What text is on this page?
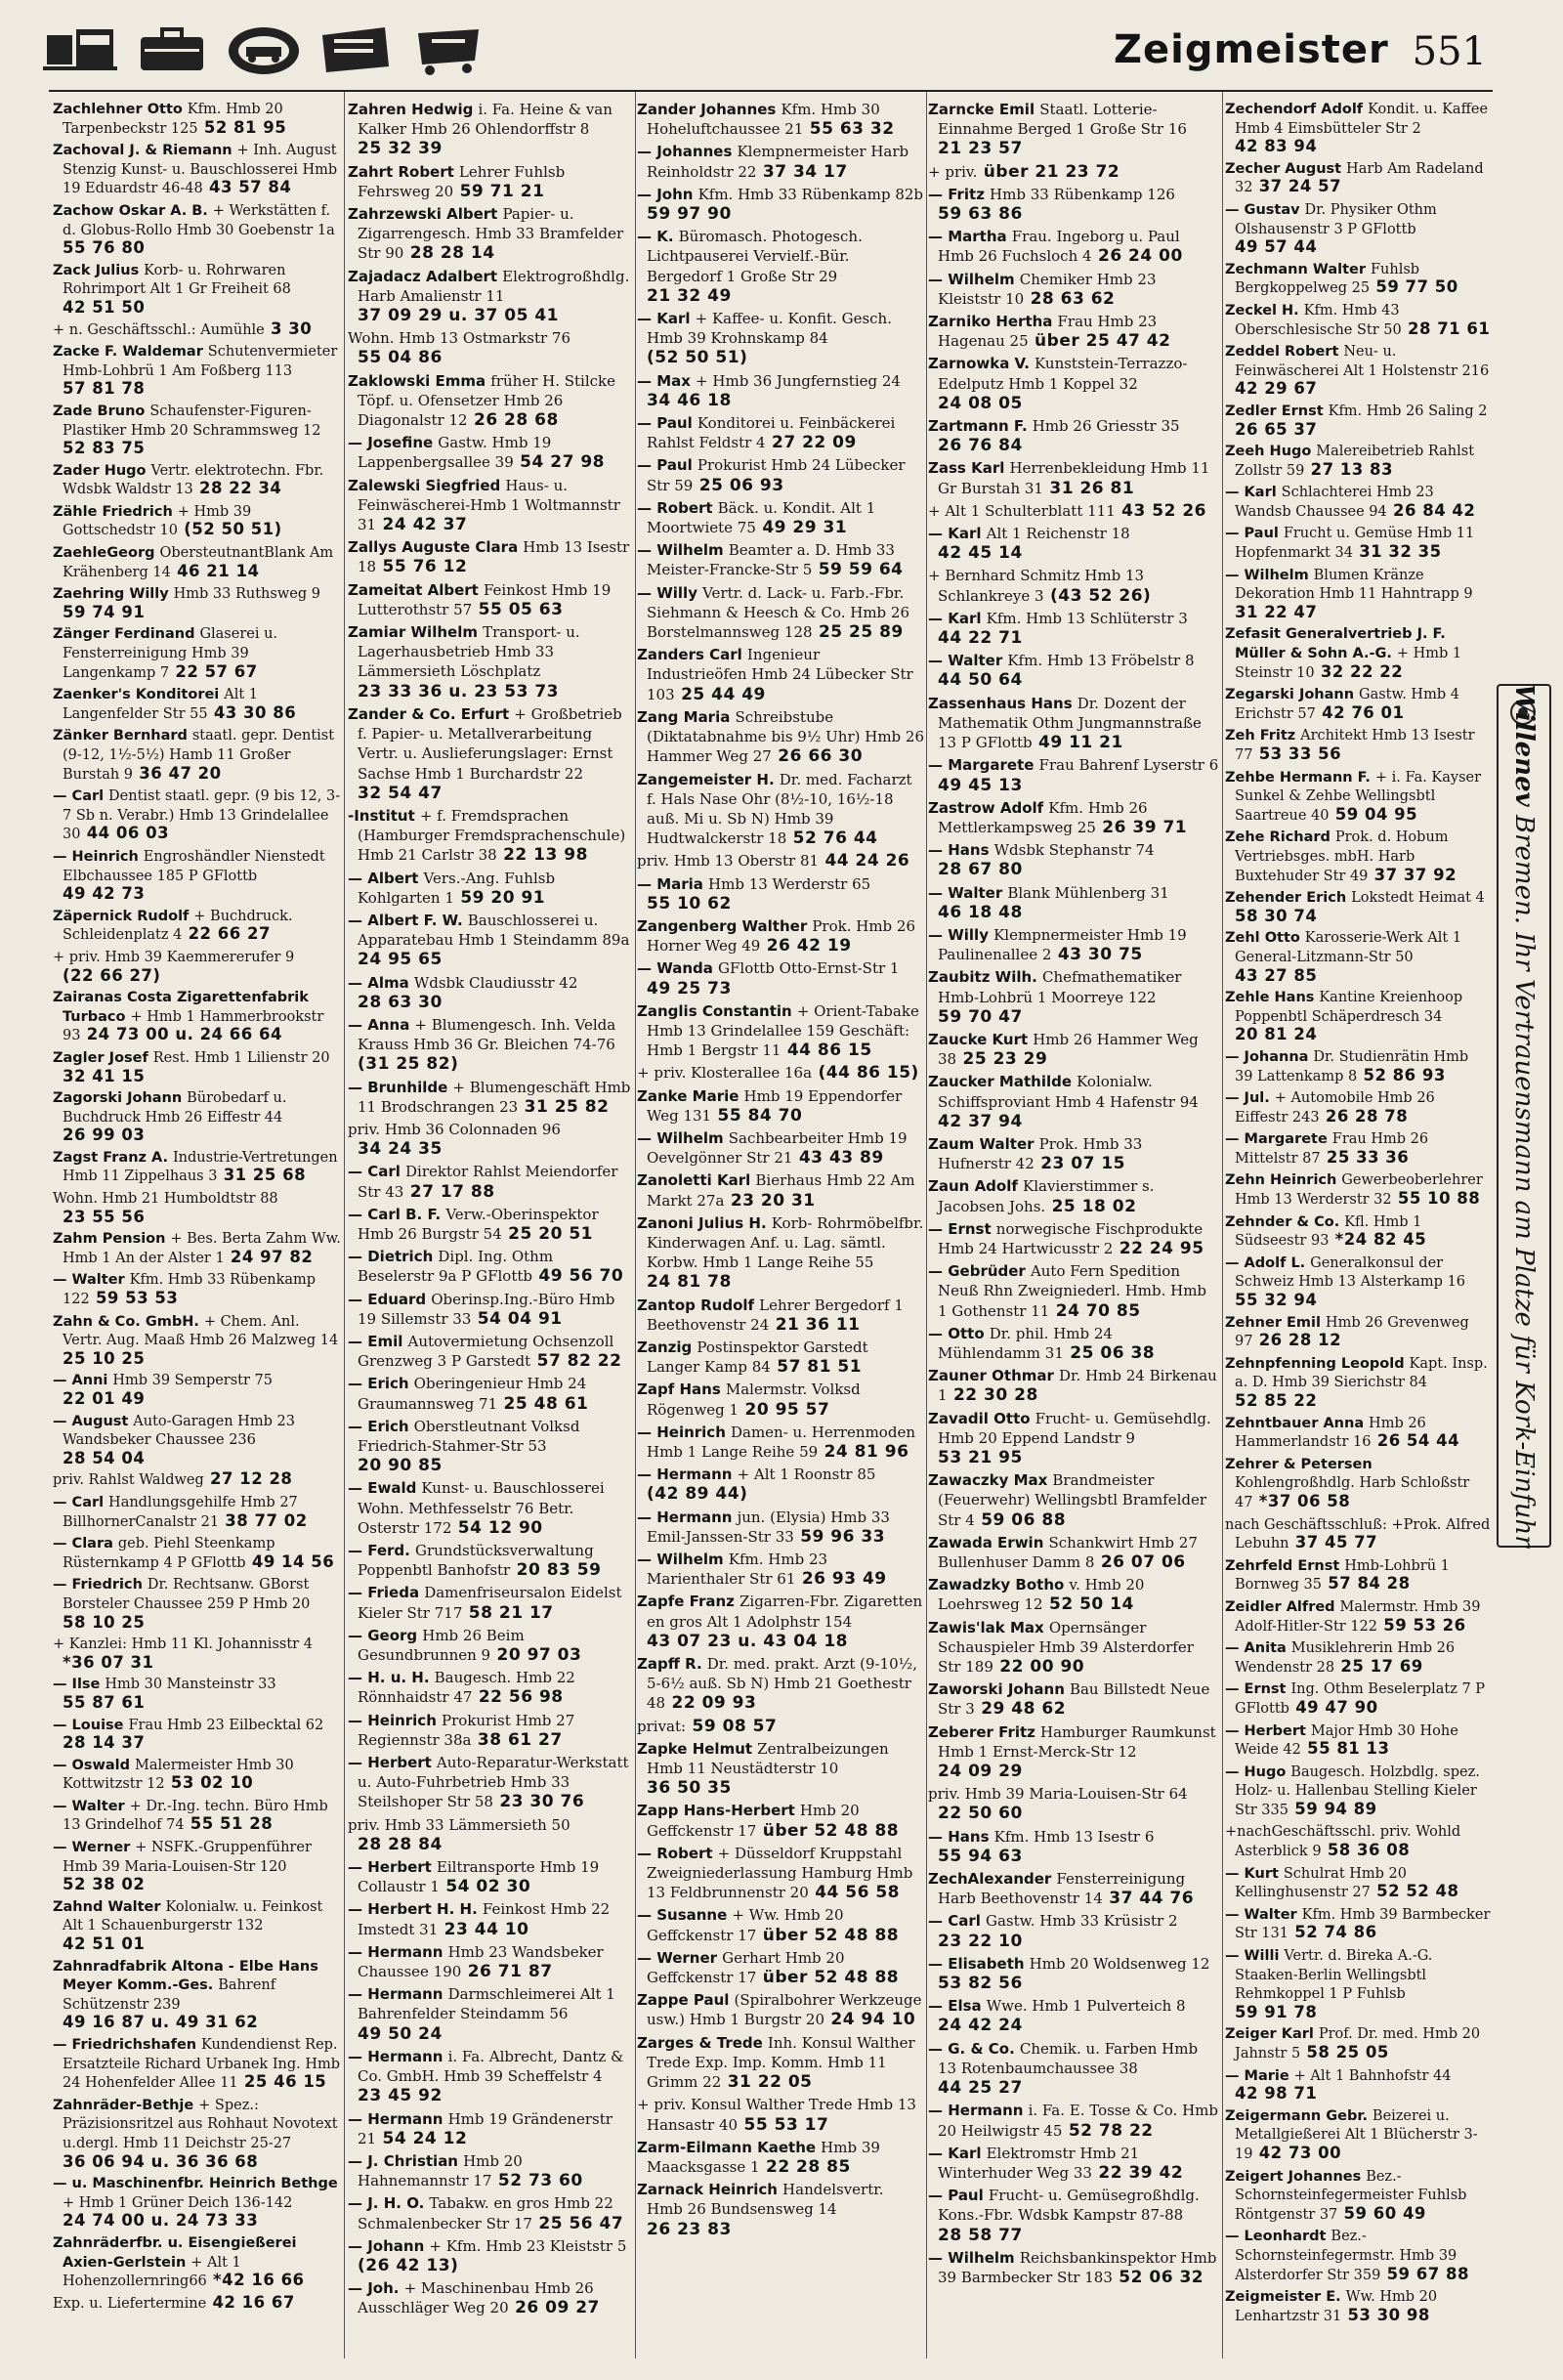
Zeigmeister 551
Zachlehner Otto Kfm. Hmb 20 Tarpenbeckstr 125 52 81 95
Zachoval J. & Riemann + Inh. August Stenzig Kunst- u. Bauschlosserei Hmb 19 Eduardstr 46-48 43 57 84
Zachow Oskar A. B. + Werkstätten f. d. Globus-Rollo Hmb 30 Goebenstr 1a55 76 80
Zack Julius Korb- u. Rohrwaren Rohrimport Alt 1 Gr Freiheit 6842 51 50
+ n. Geschäftsschl.: Aumühle 3 30
Zacke F. Waldemar Schutenvermieter Hmb-Lohbrü 1 Am Foßberg 11357 81 78
Zade Bruno Schaufenster-Figuren-Plastiker Hmb 20 Schrammsweg 1252 83 75
Zader Hugo Vertr. elektrotechn. Fbr. Wdsbk Waldstr 13 28 22 34
Zähle Friedrich + Hmb 39 Gottschedstr 10 (52 50 51)
ZaehleGeorg ObersteutnantBlank Am Krähenberg 14 46 21 14
Zaehring Willy Hmb 33 Ruthsweg 959 74 91
Zänger Ferdinand Glaserei u. Fensterreinigung Hmb 39 Langenkamp 7 22 57 67
Zaenker's Konditorei Alt 1 Langenfelder Str 55 43 30 86
Zänker Bernhard staatl. gepr. Dentist (9-12, 1½-5½) Hamb 11 Großer Burstah 9 36 47 20
— Carl Dentist staatl. gepr. (9 bis 12, 3-7 Sb n. Verabr.) Hmb 13 Grindelallee 30 44 06 03
— Heinrich Engroshändler Nienstedt Elbchaussee 185 P GFlottb49 42 73
Zäpernick Rudolf + Buchdruck. Schleidenplatz 4 22 66 27
+ priv. Hmb 39 Kaemmererufer 9(22 66 27)
Zairanas Costa Zigarettenfabrik Turbaco + Hmb 1 Hammerbrookstr 93 24 73 00 u. 24 66 64
Zagler Josef Rest. Hmb 1 Lilienstr 2032 41 15
Zagorski Johann Bürobedarf u. Buchdruck Hmb 26 Eiffestr 4426 99 03
Zagst Franz A. Industrie-Vertretungen Hmb 11 Zippelhaus 3 31 25 68
Wohn. Hmb 21 Humboldtstr 8823 55 56
Zahm Pension + Bes. Berta Zahm Ww. Hmb 1 An der Alster 1 24 97 82
— Walter Kfm. Hmb 33 Rübenkamp 122 59 53 53
Zahn & Co. GmbH. + Chem. Anl. Vertr. Aug. Maaß Hmb 26 Malzweg 1425 10 25
— Anni Hmb 39 Semperstr 7522 01 49
— August Auto-Garagen Hmb 23 Wandsbeker Chaussee 23628 54 04
priv. Rahlst Waldweg 27 12 28
— Carl Handlungsgehilfe Hmb 27 BillhornerCanalstr 21 38 77 02
— Clara geb. Piehl Steenkamp Rüsternkamp 4 P GFlottb 49 14 56
— Friedrich Dr. Rechtsanw. GBorst Borsteler Chaussee 259 P Hmb 2058 10 25
+ Kanzlei: Hmb 11 Kl. Johannisstr 4*36 07 31
— Ilse Hmb 30 Mansteinstr 3355 87 61
— Louise Frau Hmb 23 Eilbecktal 6228 14 37
— Oswald Malermeister Hmb 30 Kottwitzstr 12 53 02 10
— Walter + Dr.-Ing. techn. Büro Hmb 13 Grindelhof 74 55 51 28
— Werner + NSFK.-Gruppenführer Hmb 39 Maria-Louisen-Str 12052 38 02
Zahnd Walter Kolonialw. u. Feinkost Alt 1 Schauenburgerstr 13242 51 01
Zahnradfabrik Altona - Elbe Hans Meyer Komm.-Ges. Bahrenf Schützenstr 23949 16 87 u. 49 31 62
— Friedrichshafen Kundendienst Rep. Ersatzteile Richard Urbanek Ing. Hmb 24 Hohenfelder Allee 11 25 46 15
Zahnräder-Bethje + Spez.: Präzisionsritzel aus Rohhaut Novotext u.dergl. Hmb 11 Deichstr 25-2736 06 94 u. 36 36 68
— u. Maschinenfbr. Heinrich Bethge + Hmb 1 Grüner Deich 136-14224 74 00 u. 24 73 33
Zahnräderfbr. u. Eisengießerei Axien-Gerlstein + Alt 1 Hohenzollernring66 *42 16 66
Exp. u. Liefertermine 42 16 67
Zahren Hedwig i. Fa. Heine & van Kalker Hmb 26 Ohlendorffstr 825 32 39
Zahrt Robert Lehrer Fuhlsb Fehrsweg 20 59 71 21
Zahrzewski Albert Papier- u. Zigarrengesch. Hmb 33 Bramfelder Str 90 28 28 14
Zajadacz Adalbert Elektrogroßhdlg. Harb Amalienstr 1137 09 29 u. 37 05 41
Wohn. Hmb 13 Ostmarkstr 7655 04 86
Zaklowski Emma früher H. Stilcke Töpf. u. Ofensetzer Hmb 26 Diagonalstr 12 26 28 68
— Josefine Gastw. Hmb 19 Lappenbergsallee 39 54 27 98
Zalewski Siegfried Haus- u. Feinwäscherei-Hmb 1 Woltmannstr 31 24 42 37
Zallys Auguste Clara Hmb 13 Isestr 18 55 76 12
Zameitat Albert Feinkost Hmb 19 Lutterothstr 57 55 05 63
Zamiar Wilhelm Transport- u. Lagerhausbetrieb Hmb 33 Lämmersieth Löschplatz23 33 36 u. 23 53 73
Zander & Co. Erfurt + Großbetrieb f. Papier- u. Metallverarbeitung Vertr. u. Auslieferungslager: Ernst Sachse Hmb 1 Burchardstr 2232 54 47
-Institut + f. Fremdsprachen (Hamburger Fremdsprachenschule) Hmb 21 Carlstr 38 22 13 98
— Albert Vers.-Ang. Fuhlsb Kohlgarten 1 59 20 91
— Albert F. W. Bauschlosserei u. Apparatebau Hmb 1 Steindamm 89a24 95 65
— Alma Wdsbk Claudiusstr 4228 63 30
— Anna + Blumengesch. Inh. Velda Krauss Hmb 36 Gr. Bleichen 74-76(31 25 82)
— Brunhilde + Blumengeschäft Hmb 11 Brodschrangen 23 31 25 82
priv. Hmb 36 Colonnaden 9634 24 35
— Carl Direktor Rahlst Meiendorfer Str 43 27 17 88
— Carl B. F. Verw.-Oberinspektor Hmb 26 Burgstr 54 25 20 51
— Dietrich Dipl. Ing. Othm Beselerstr 9a P GFlottb 49 56 70
— Eduard Oberinsp.Ing.-Büro Hmb 19 Sillemstr 33 54 04 91
— Emil Autovermietung Ochsenzoll Grenzweg 3 P Garstedt 57 82 22
— Erich Oberingenieur Hmb 24 Graumannsweg 71 25 48 61
— Erich Oberstleutnant Volksd Friedrich-Stahmer-Str 5320 90 85
— Ewald Kunst- u. Bauschlosserei Wohn. Methfesselstr 76 Betr. Osterstr 172 54 12 90
— Ferd. Grundstücksverwaltung Poppenbtl Banhofstr 20 83 59
— Frieda Damenfriseursalon Eidelst Kieler Str 717 58 21 17
— Georg Hmb 26 Beim Gesundbrunnen 9 20 97 03
— H. u. H. Baugesch. Hmb 22 Rönnhaidstr 47 22 56 98
— Heinrich Prokurist Hmb 27 Regiennstr 38a 38 61 27
— Herbert Auto-Reparatur-Werkstatt u. Auto-Fuhrbetrieb Hmb 33 Steilshoper Str 58 23 30 76
priv. Hmb 33 Lämmersieth 5028 28 84
— Herbert Eiltransporte Hmb 19 Collaustr 1 54 02 30
— Herbert H. H. Feinkost Hmb 22 Imstedt 31 23 44 10
— Hermann Hmb 23 Wandsbeker Chaussee 190 26 71 87
— Hermann Darmschleimerei Alt 1 Bahrenfelder Steindamm 5649 50 24
— Hermann i. Fa. Albrecht, Dantz & Co. GmbH. Hmb 39 Scheffelstr 423 45 92
— Hermann Hmb 19 Grändenerstr 21 54 24 12
— J. Christian Hmb 20 Hahnemannstr 17 52 73 60
— J. H. O. Tabakw. en gros Hmb 22 Schmalenbecker Str 17 25 56 47
— Johann + Kfm. Hmb 23 Kleiststr 5(26 42 13)
— Joh. + Maschinenbau Hmb 26 Ausschläger Weg 20 26 09 27
Zander Johannes Kfm. Hmb 30 Hoheluftchaussee 21 55 63 32
— Johannes Klempnermeister Harb Reinholdstr 22 37 34 17
— John Kfm. Hmb 33 Rübenkamp 82b59 97 90
— K. Büromasch. Photogesch. Lichtpauserei Vervielf.-Bür. Bergedorf 1 Große Str 2921 32 49
— Karl + Kaffee- u. Konfit. Gesch. Hmb 39 Krohnskamp 84(52 50 51)
— Max + Hmb 36 Jungfernstieg 2434 46 18
— Paul Konditorei u. Feinbäckerei Rahlst Feldstr 4 27 22 09
— Paul Prokurist Hmb 24 Lübecker Str 59 25 06 93
— Robert Bäck. u. Kondit. Alt 1 Moortwiete 75 49 29 31
— Wilhelm Beamter a. D. Hmb 33 Meister-Francke-Str 5 59 59 64
— Willy Vertr. d. Lack- u. Farb.-Fbr. Siehmann & Heesch & Co. Hmb 26 Borstelmannsweg 128 25 25 89
Zanders Carl Ingenieur Industrieöfen Hmb 24 Lübecker Str 103 25 44 49
Zang Maria Schreibstube (Diktatabnahme bis 9½ Uhr) Hmb 26 Hammer Weg 27 26 66 30
Zangemeister H. Dr. med. Facharzt f. Hals Nase Ohr (8½-10, 16½-18 auß. Mi u. Sb N) Hmb 39 Hudtwalckerstr 18 52 76 44
priv. Hmb 13 Oberstr 81 44 24 26
— Maria Hmb 13 Werderstr 6555 10 62
Zangenberg Walther Prok. Hmb 26 Horner Weg 49 26 42 19
— Wanda GFlottb Otto-Ernst-Str 149 25 73
Zanglis Constantin + Orient-Tabake Hmb 13 Grindelallee 159 Geschäft: Hmb 1 Bergstr 11 44 86 15
+ priv. Klosterallee 16a (44 86 15)
Zanke Marie Hmb 19 Eppendorfer Weg 131 55 84 70
— Wilhelm Sachbearbeiter Hmb 19 Oevelgönner Str 21 43 43 89
Zanoletti Karl Bierhaus Hmb 22 Am Markt 27a 23 20 31
Zanoni Julius H. Korb- Rohrmöbelfbr. Kinderwagen Anf. u. Lag. sämtl. Korbw. Hmb 1 Lange Reihe 5524 81 78
Zantop Rudolf Lehrer Bergedorf 1 Beethovenstr 24 21 36 11
Zanzig Postinspektor Garstedt Langer Kamp 84 57 81 51
Zapf Hans Malermstr. Volksd Rögenweg 1 20 95 57
— Heinrich Damen- u. Herrenmoden Hmb 1 Lange Reihe 59 24 81 96
— Hermann + Alt 1 Roonstr 85(42 89 44)
— Hermann jun. (Elysia) Hmb 33 Emil-Janssen-Str 33 59 96 33
— Wilhelm Kfm. Hmb 23 Marienthaler Str 61 26 93 49
Zapfe Franz Zigarren-Fbr. Zigaretten en gros Alt 1 Adolphstr 15443 07 23 u. 43 04 18
Zapff R. Dr. med. prakt. Arzt (9-10½, 5-6½ auß. Sb N) Hmb 21 Goethestr 48 22 09 93
privat: 59 08 57
Zapke Helmut Zentralbeizungen Hmb 11 Neustädterstr 1036 50 35
Zapp Hans-Herbert Hmb 20 Geffckenstr 17 über 52 48 88
— Robert + Düsseldorf Kruppstahl Zweigniederlassung Hamburg Hmb 13 Feldbrunnenstr 20 44 56 58
— Susanne + Ww. Hmb 20 Geffckenstr 17 über 52 48 88
— Werner Gerhart Hmb 20 Geffckenstr 17 über 52 48 88
Zappe Paul (Spiralbohrer Werkzeuge usw.) Hmb 1 Burgstr 20 24 94 10
Zarges & Trede Inh. Konsul Walther Trede Exp. Imp. Komm. Hmb 11 Grimm 22 31 22 05
+ priv. Konsul Walther Trede Hmb 13 Hansastr 40 55 53 17
Zarm-Eilmann Kaethe Hmb 39 Maacksgasse 1 22 28 85
Zarnack Heinrich Handelsvertr. Hmb 26 Bundsensweg 1426 23 83
Zarncke Emil Staatl. Lotterie-Einnahme Berged 1 Große Str 1621 23 57
+ priv. über 21 23 72
— Fritz Hmb 33 Rübenkamp 12659 63 86
— Martha Frau. Ingeborg u. Paul Hmb 26 Fuchsloch 4 26 24 00
— Wilhelm Chemiker Hmb 23 Kleiststr 10 28 63 62
Zarniko Hertha Frau Hmb 23 Hagenau 25 über 25 47 42
Zarnowka V. Kunststein-Terrazzo-Edelputz Hmb 1 Koppel 3224 08 05
Zartmann F. Hmb 26 Griesstr 3526 76 84
Zass Karl Herrenbekleidung Hmb 11 Gr Burstah 31 31 26 81
+ Alt 1 Schulterblatt 111 43 52 26
— Karl Alt 1 Reichenstr 1842 45 14
+ Bernhard Schmitz Hmb 13 Schlankreye 3 (43 52 26)
— Karl Kfm. Hmb 13 Schlüterstr 344 22 71
— Walter Kfm. Hmb 13 Fröbelstr 844 50 64
Zassenhaus Hans Dr. Dozent der Mathematik Othm Jungmannstraße 13 P GFlottb 49 11 21
— Margarete Frau Bahrenf Lyserstr 649 45 13
Zastrow Adolf Kfm. Hmb 26 Mettlerkampsweg 25 26 39 71
— Hans Wdsbk Stephanstr 7428 67 80
— Walter Blank Mühlenberg 3146 18 48
— Willy Klempnermeister Hmb 19 Paulinenallee 2 43 30 75
Zaubitz Wilh. Chefmathematiker Hmb-Lohbrü 1 Moorreye 12259 70 47
Zaucke Kurt Hmb 26 Hammer Weg 38 25 23 29
Zaucker Mathilde Kolonialw. Schiffsproviant Hmb 4 Hafenstr 9442 37 94
Zaum Walter Prok. Hmb 33 Hufnerstr 42 23 07 15
Zaun Adolf Klavierstimmer s. Jacobsen Johs. 25 18 02
— Ernst norwegische Fischprodukte Hmb 24 Hartwicusstr 2 22 24 95
— Gebrüder Auto Fern Spedition Neuß Rhn Zweigniederl. Hmb. Hmb 1 Gothenstr 11 24 70 85
— Otto Dr. phil. Hmb 24 Mühlendamm 31 25 06 38
Zauner Othmar Dr. Hmb 24 Birkenau 1 22 30 28
Zavadil Otto Frucht- u. Gemüsehdlg. Hmb 20 Eppend Landstr 953 21 95
Zawaczky Max Brandmeister (Feuerwehr) Wellingsbtl Bramfelder Str 4 59 06 88
Zawada Erwin Schankwirt Hmb 27 Bullenhuser Damm 8 26 07 06
Zawadzky Botho v. Hmb 20 Loehrsweg 12 52 50 14
Zawis'lak Max Opernsänger Schauspieler Hmb 39 Alsterdorfer Str 189 22 00 90
Zaworski Johann Bau Billstedt Neue Str 3 29 48 62
Zeberer Fritz Hamburger Raumkunst Hmb 1 Ernst-Merck-Str 1224 09 29
priv. Hmb 39 Maria-Louisen-Str 6422 50 60
— Hans Kfm. Hmb 13 Isestr 655 94 63
ZechAlexander Fensterreinigung Harb Beethovenstr 14 37 44 76
— Carl Gastw. Hmb 33 Krüsistr 223 22 10
— Elisabeth Hmb 20 Woldsenweg 1253 82 56
— Elsa Wwe. Hmb 1 Pulverteich 824 42 24
— G. & Co. Chemik. u. Farben Hmb 13 Rotenbaumchaussee 3844 25 27
— Hermann i. Fa. E. Tosse & Co. Hmb 20 Heilwigstr 45 52 78 22
— Karl Elektromstr Hmb 21 Winterhuder Weg 33 22 39 42
— Paul Frucht- u. Gemüsegroßhdlg. Kons.-Fbr. Wdsbk Kampstr 87-8828 58 77
— Wilhelm Reichsbankinspektor Hmb 39 Barmbecker Str 183 52 06 32
Zechendorf Adolf Kondit. u. Kaffee Hmb 4 Eimsbütteler Str 242 83 94
Zecher August Harb Am Radeland 32 37 24 57
— Gustav Dr. Physiker Othm Olshausenstr 3 P GFlottb49 57 44
Zechmann Walter Fuhlsb Bergkoppelweg 25 59 77 50
Zeckel H. Kfm. Hmb 43 Oberschlesische Str 50 28 71 61
Zeddel Robert Neu- u. Feinwäscherei Alt 1 Holstenstr 21642 29 67
Zedler Ernst Kfm. Hmb 26 Saling 226 65 37
Zeeh Hugo Malereibetrieb Rahlst Zollstr 59 27 13 83
— Karl Schlachterei Hmb 23 Wandsb Chaussee 94 26 84 42
— Paul Frucht u. Gemüse Hmb 11 Hopfenmarkt 34 31 32 35
— Wilhelm Blumen Kränze Dekoration Hmb 11 Hahntrapp 931 22 47
Zefasit Generalvertrieb J. F. Müller & Sohn A.-G. + Hmb 1 Steinstr 10 32 22 22
Zegarski Johann Gastw. Hmb 4 Erichstr 57 42 76 01
Zeh Fritz Architekt Hmb 13 Isestr 77 53 33 56
Zehbe Hermann F. + i. Fa. Kayser Sunkel & Zehbe Wellingsbtl Saartreue 40 59 04 95
Zehe Richard Prok. d. Hobum Vertriebsges. mbH. Harb Buxtehuder Str 49 37 37 92
Zehender Erich Lokstedt Heimat 458 30 74
Zehl Otto Karosserie-Werk Alt 1 General-Litzmann-Str 5043 27 85
Zehle Hans Kantine Kreienhoop Poppenbtl Schäperdresch 3420 81 24
— Johanna Dr. Studienrätin Hmb 39 Lattenkamp 8 52 86 93
— Jul. + Automobile Hmb 26 Eiffestr 243 26 28 78
— Margarete Frau Hmb 26 Mittelstr 87 25 33 36
Zehn Heinrich Gewerbeoberlehrer Hmb 13 Werderstr 32 55 10 88
Zehnder & Co. Kfl. Hmb 1 Südseestr 93 *24 82 45
— Adolf L. Generalkonsul der Schweiz Hmb 13 Alsterkamp 1655 32 94
Zehner Emil Hmb 26 Grevenweg 97 26 28 12
Zehnpfenning Leopold Kapt. Insp. a. D. Hmb 39 Sierichstr 8452 85 22
Zehntbauer Anna Hmb 26 Hammerlandstr 16 26 54 44
Zehrer & Petersen Kohlengroßhdlg. Harb Schloßstr 47 *37 06 58
nach Geschäftsschluß: +Prok. Alfred Lebuhn 37 45 77
Zehrfeld Ernst Hmb-Lohbrü 1 Bornweg 35 57 84 28
Zeidler Alfred Malermstr. Hmb 39 Adolf-Hitler-Str 122 59 53 26
— Anita Musiklehrerin Hmb 26 Wendenstr 28 25 17 69
— Ernst Ing. Othm Beselerplatz 7 P GFlottb 49 47 90
— Herbert Major Hmb 30 Hohe Weide 42 55 81 13
— Hugo Baugesch. Holzbdlg. spez. Holz- u. Hallenbau Stelling Kieler Str 335 59 94 89
+nachGeschäftsschl. priv. Wohld Asterblick 9 58 36 08
— Kurt Schulrat Hmb 20 Kellinghusenstr 27 52 52 48
— Walter Kfm. Hmb 39 Barmbecker Str 131 52 74 86
— Willi Vertr. d. Bireka A.-G. Staaken-Berlin Wellingsbtl Rehmkoppel 1 P Fuhlsb59 91 78
Zeiger Karl Prof. Dr. med. Hmb 20 Jahnstr 5 58 25 05
— Marie + Alt 1 Bahnhofstr 4442 98 71
Zeigermann Gebr. Beizerei u. Metallgießerei Alt 1 Blücherstr 3-19 42 73 00
Zeigert Johannes Bez.-Schornsteinfegermeister Fuhlsb Röntgenstr 37 59 60 49
— Leonhardt Bez.-Schornsteinfegermstr. Hmb 39 Alsterdorfer Str 359 59 67 88
Zeigmeister E. Ww. Hmb 20 Lenhartzstr 31 53 30 98
Willenev Bremen. Ihr Vertrauensmann am Platze für Kork-Einfuhr
